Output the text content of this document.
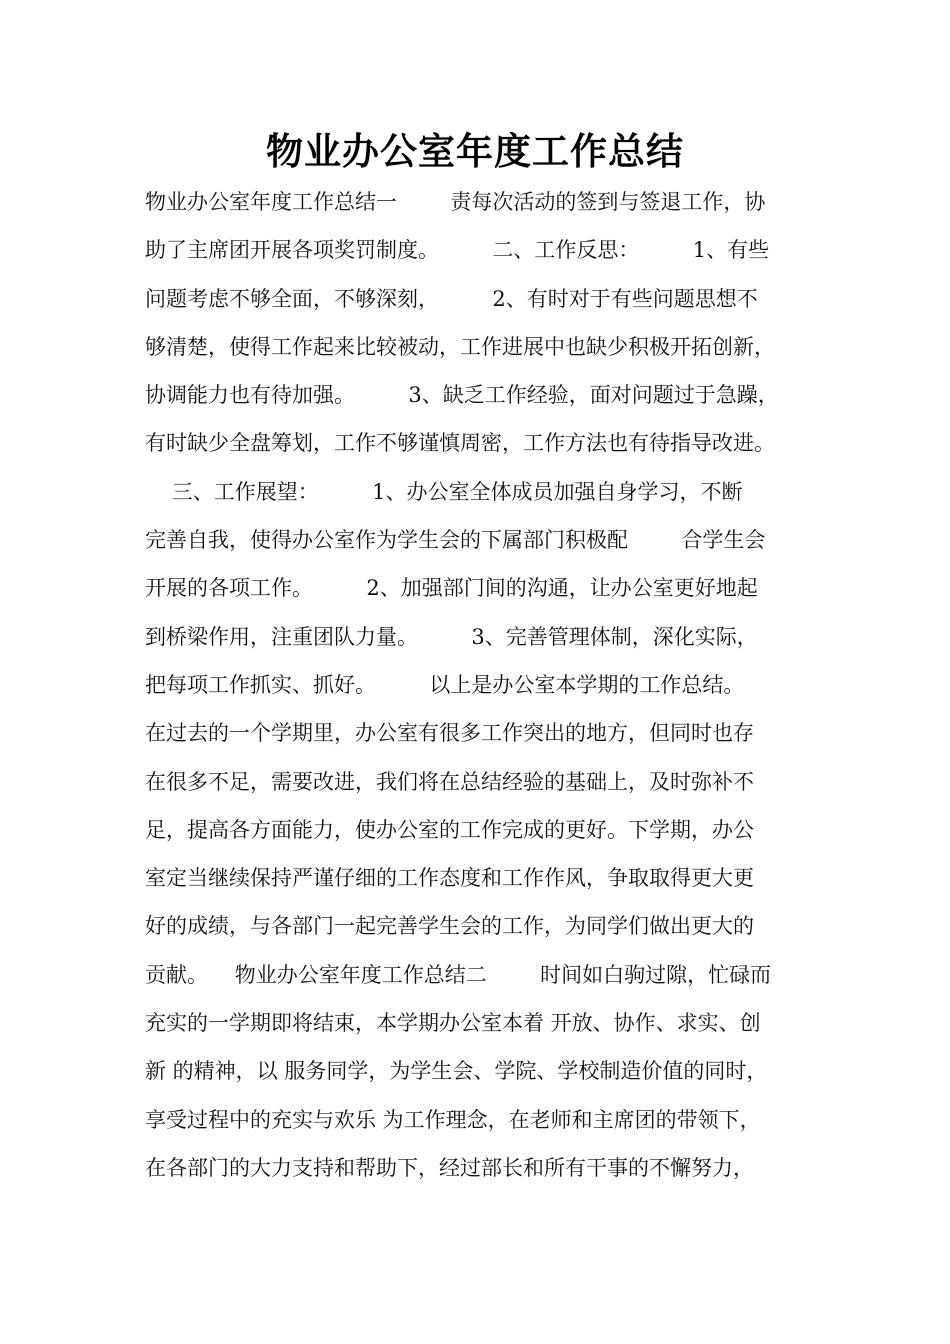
物业办公室年度工作总结
物业办公室年度工作总结一        责每次活动的签到与签退工作，协
助了主席团开展各项奖罚制度。        二、工作反思：        1、有些
问题考虑不够全面，不够深刻，        2、有时对于有些问题思想不
够清楚，使得工作起来比较被动，工作进展中也缺少积极开拓创新，
协调能力也有待加强。        3、缺乏工作经验，面对问题过于急躁，
有时缺少全盘筹划，工作不够谨慎周密，工作方法也有待指导改进。
三、工作展望：        1、办公室全体成员加强自身学习，不断
完善自我，使得办公室作为学生会的下属部门积极配        合学生会
开展的各项工作。        2、加强部门间的沟通，让办公室更好地起
到桥梁作用，注重团队力量。        3、完善管理体制，深化实际，
把每项工作抓实、抓好。        以上是办公室本学期的工作总结。
在过去的一个学期里，办公室有很多工作突出的地方，但同时也存
在很多不足，需要改进，我们将在总结经验的基础上，及时弥补不
足，提高各方面能力，使办公室的工作完成的更好。下学期，办公
室定当继续保持严谨仔细的工作态度和工作作风，争取取得更大更
好的成绩，与各部门一起完善学生会的工作，为同学们做出更大的
贡献。    物业办公室年度工作总结二        时间如白驹过隙，忙碌而
充实的一学期即将结束，本学期办公室本着 开放、协作、求实、创
新 的精神，以 服务同学，为学生会、学院、学校制造价值的同时，
享受过程中的充实与欢乐 为工作理念，在老师和主席团的带领下，
在各部门的大力支持和帮助下，经过部长和所有干事的不懈努力，
